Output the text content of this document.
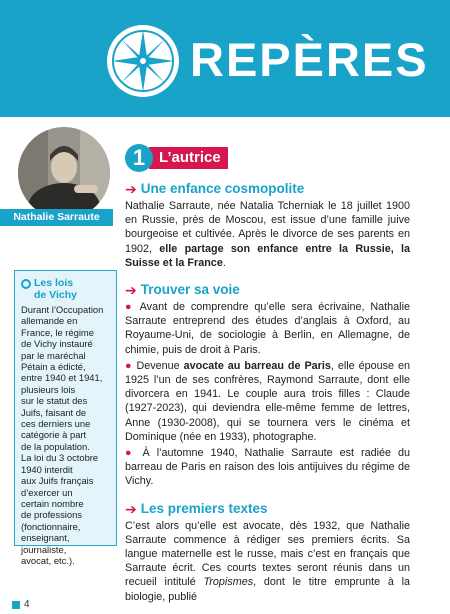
REPÈRES
Nathalie Sarraute
Les lois
de Vichy
Durant l’Occupation
allemande en
France, le régime
de Vichy instauré
par le maréchal
Pétain a édicté,
entre 1940 et 1941,
plusieurs lois
sur le statut des
Juifs, faisant de
ces derniers une
catégorie à part
de la population.
La loi du 3 octobre
1940 interdit
aux Juifs français
d’exercer un
certain nombre
de professions
(fonctionnaire,
enseignant,
journaliste,
avocat, etc.).
1 L’autrice
➔ Une enfance cosmopolite

Nathalie Sarraute, née Natalia Tcherniak le 18 juillet 1900 en Russie, près de Moscou, est issue d’une famille juive bourgeoise et cultivée. Après le divorce de ses parents en 1902, elle partage son enfance entre la Russie, la Suisse et la France.

➔ Trouver sa voie

● Avant de comprendre qu’elle sera écrivaine, Nathalie Sarraute entreprend des études d’anglais à Oxford, au Royaume-Uni, de sociologie à Berlin, en Allemagne, de chimie, puis de droit à Paris.

● Devenue avocate au barreau de Paris, elle épouse en 1925 l’un de ses confrères, Raymond Sarraute, dont elle divorcera en 1941. Le couple aura trois filles : Claude (1927-2023), qui deviendra elle-même femme de lettres, Anne (1930-2008), qui se tournera vers le cinéma et Dominique (née en 1933), photographe.

● À l’automne 1940, Nathalie Sarraute est radiée du barreau de Paris en raison des lois antijuives du régime de Vichy.

➔ Les premiers textes

C’est alors qu’elle est avocate, dès 1932, que Nathalie Sarraute commence à rédiger ses premiers écrits. Sa langue maternelle est le russe, mais c’est en français que Sarraute écrit. Ces courts textes seront réunis dans un recueil intitulé Tropismes, dont le titre emprunte à la biologie, publié

4
